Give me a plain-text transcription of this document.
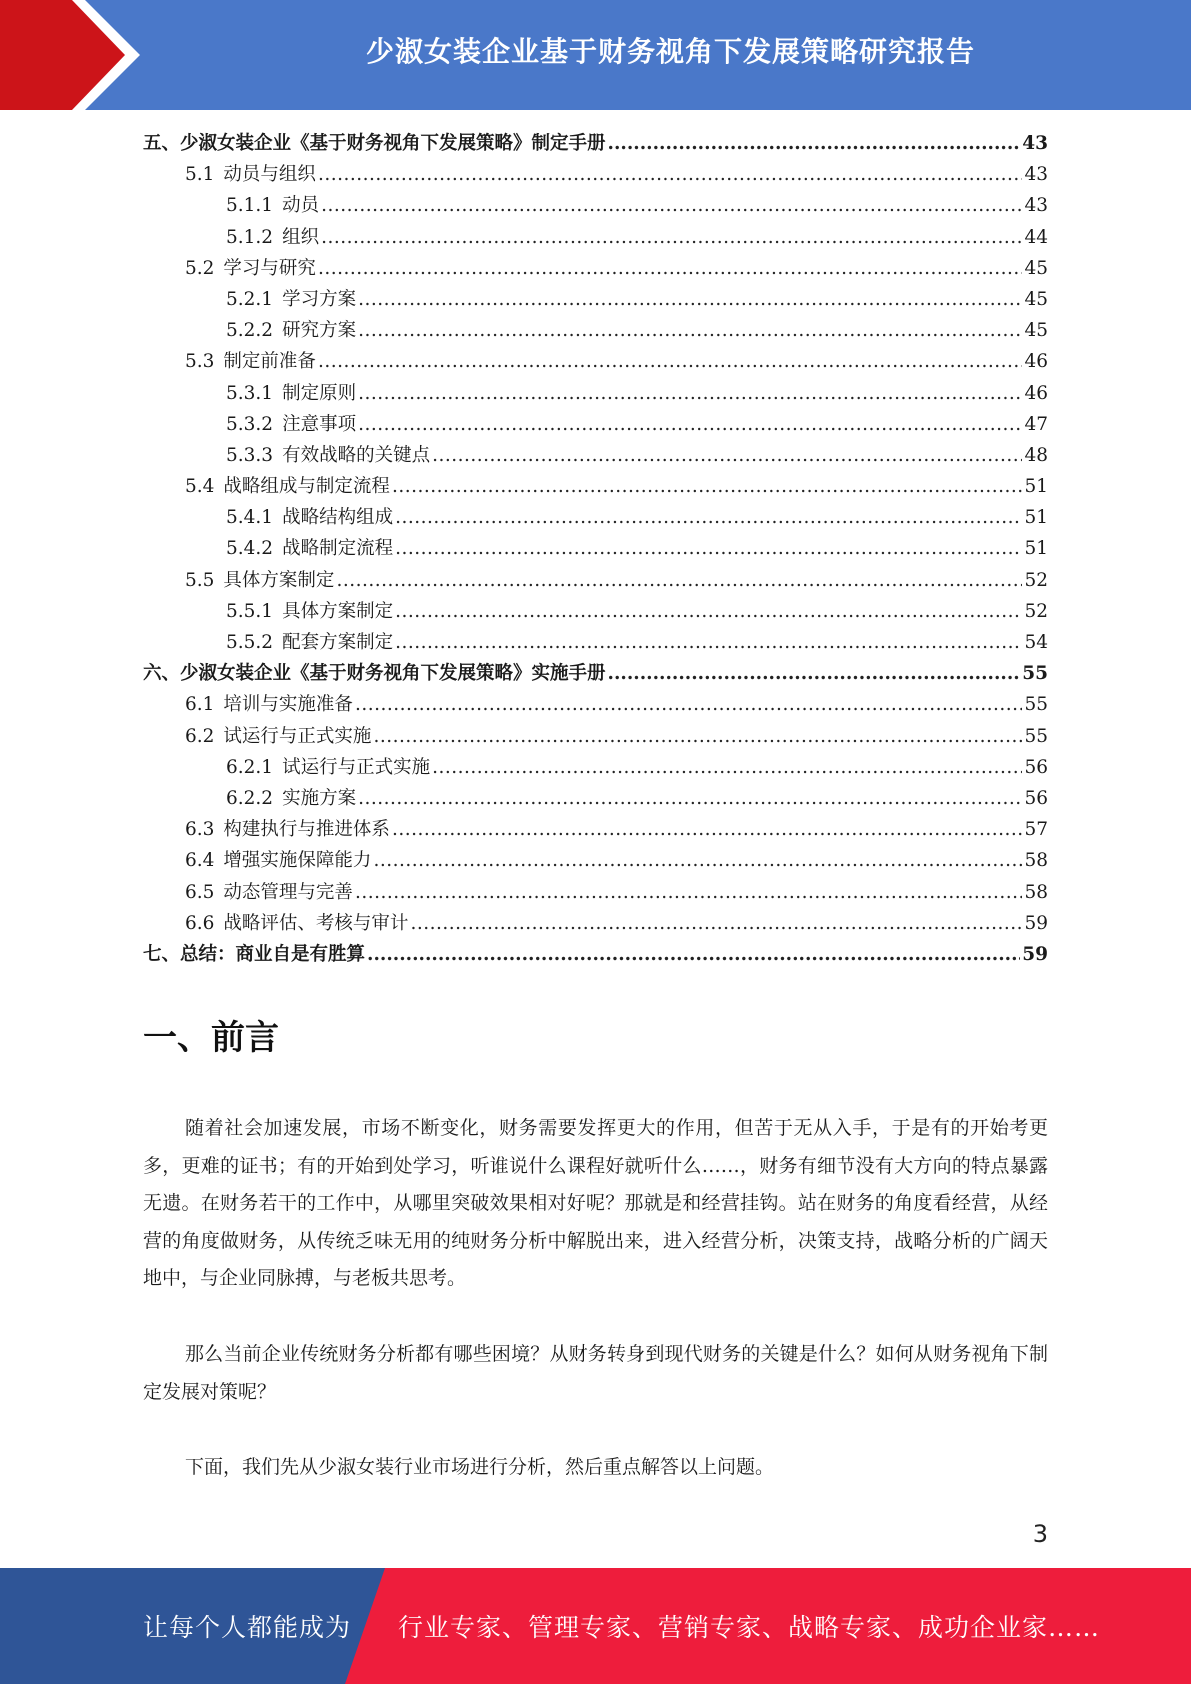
少淑女装企业基于财务视角下发展策略研究报告
五、少淑女装企业《基于财务视角下发展策略》制定手册 .....	43
5.1 动员与组织 .....	43
5.1.1 动员 .....	43
5.1.2 组织 .....	44
5.2 学习与研究 .....	45
5.2.1 学习方案 .....	45
5.2.2 研究方案 .....	45
5.3 制定前准备 .....	46
5.3.1 制定原则 .....	46
5.3.2 注意事项 .....	47
5.3.3 有效战略的关键点 .....	48
5.4 战略组成与制定流程 .....	51
5.4.1 战略结构组成 .....	51
5.4.2 战略制定流程 .....	51
5.5 具体方案制定 .....	52
5.5.1 具体方案制定 .....	52
5.5.2 配套方案制定 .....	54
六、少淑女装企业《基于财务视角下发展策略》实施手册 .....	55
6.1 培训与实施准备 .....	55
6.2 试运行与正式实施 .....	55
6.2.1 试运行与正式实施 .....	56
6.2.2 实施方案 .....	56
6.3 构建执行与推进体系 .....	57
6.4 增强实施保障能力 .....	58
6.5 动态管理与完善 .....	58
6.6 战略评估、考核与审计 .....	59
七、总结：商业自是有胜算 .....	59
一、前言

随着社会加速发展，市场不断变化，财务需要发挥更大的作用，但苦于无从入手，于是有的开始考更多，更难的证书；有的开始到处学习，听谁说什么课程好就听什么……，财务有细节没有大方向的特点暴露无遗。在财务若干的工作中，从哪里突破效果相对好呢？那就是和经营挂钩。站在财务的角度看经营，从经营的角度做财务，从传统乏味无用的纯财务分析中解脱出来，进入经营分析，决策支持，战略分析的广阔天地中，与企业同脉搏，与老板共思考。

那么当前企业传统财务分析都有哪些困境？从财务转身到现代财务的关键是什么？如何从财务视角下制定发展对策呢？

下面，我们先从少淑女装行业市场进行分析，然后重点解答以上问题。

3
让每个人都能成为 行业专家、管理专家、营销专家、战略专家、成功企业家……
